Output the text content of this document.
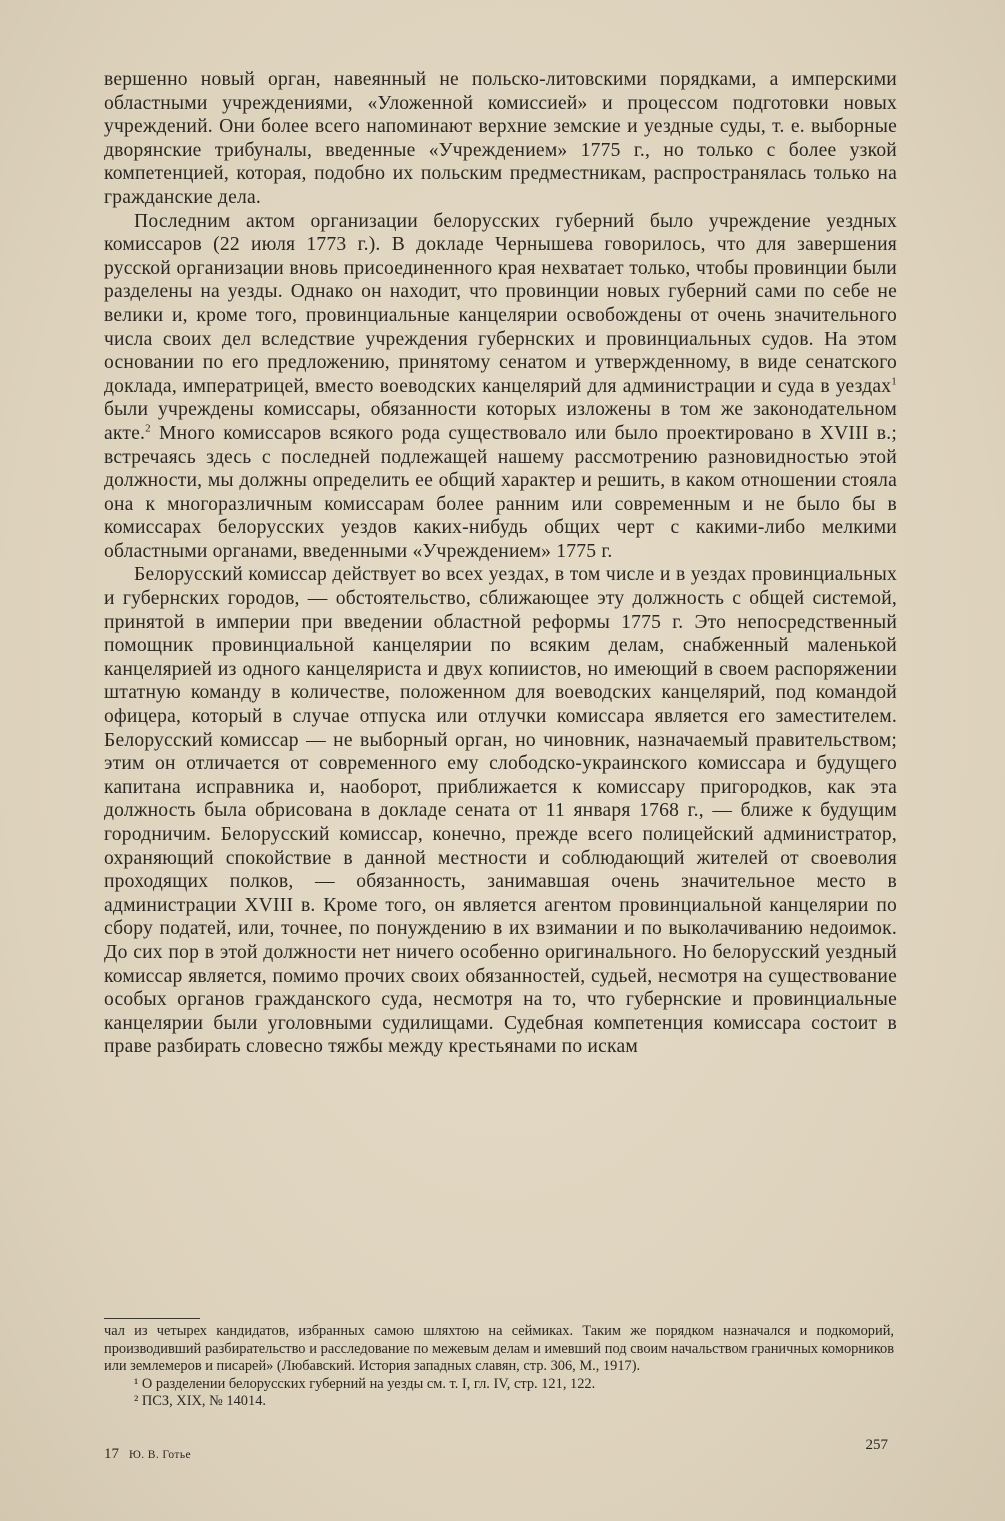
вершенно новый орган, навеянный не польско-литовскими порядками, а имперскими областными учреждениями, «Уложенной комиссией» и процессом подготовки новых учреждений. Они более всего напоминают верхние земские и уездные суды, т. е. выборные дворянские трибуналы, введенные «Учреждением» 1775 г., но только с более узкой компетенцией, которая, подобно их польским предместникам, распространялась только на гражданские дела.

Последним актом организации белорусских губерний было учреждение уездных комиссаров (22 июля 1773 г.). В докладе Чернышева говорилось, что для завершения русской организации вновь присоединенного края нехватает только, чтобы провинции были разделены на уезды. Однако он находит, что провинции новых губерний сами по себе не велики и, кроме того, провинциальные канцелярии освобождены от очень значительного числа своих дел вследствие учреждения губернских и провинциальных судов. На этом основании по его предложению, принятому сенатом и утвержденному, в виде сенатского доклада, императрицей, вместо воеводских канцелярий для администрации и суда в уездах$^1$ были учреждены комиссары, обязанности которых изложены в том же законодательном акте.$^2$ Много комиссаров всякого рода существовало или было проектировано в XVIII в.; встречаясь здесь с последней подлежащей нашему рассмотрению разновидностью этой должности, мы должны определить ее общий характер и решить, в каком отношении стояла она к многоразличным комиссарам более ранним или современным и не было бы в комиссарах белорусских уездов каких-нибудь общих черт с какими-либо мелкими областными органами, введенными «Учреждением» 1775 г.

Белорусский комиссар действует во всех уездах, в том числе и в уездах провинциальных и губернских городов, — обстоятельство, сближающее эту должность с общей системой, принятой в империи при введении областной реформы 1775 г. Это непосредственный помощник провинциальной канцелярии по всяким делам, снабженный маленькой канцелярией из одного канцеляриста и двух копиистов, но имеющий в своем распоряжении штатную команду в количестве, положенном для воеводских канцелярий, под командой офицера, который в случае отпуска или отлучки комиссара является его заместителем. Белорусский комиссар — не выборный орган, но чиновник, назначаемый правительством; этим он отличается от современного ему слободско-украинского комиссара и будущего капитана исправника и, наоборот, приближается к комиссару пригородков, как эта должность была обрисована в докладе сената от 11 января 1768 г., — ближе к будущим городничим. Белорусский комиссар, конечно, прежде всего полицейский администратор, охраняющий спокойствие в данной местности и соблюдающий жителей от своеволия проходящих полков, — обязанность, занимавшая очень значительное место в администрации XVIII в. Кроме того, он является агентом провинциальной канцелярии по сбору податей, или, точнее, по понуждению в их взимании и по выколачиванию недоимок. До сих пор в этой должности нет ничего особенно оригинального. Но белорусский уездный комиссар является, помимо прочих своих обязанностей, судьей, несмотря на существование особых органов гражданского суда, несмотря на то, что губернские и провинциальные канцелярии были уголовными судилищами. Судебная компетенция комиссара состоит в праве разбирать словесно тяжбы между крестьянами по искам

чал из четырех кандидатов, избранных самою шляхтою на сеймиках. Таким же порядком назначался и подкоморий, производивший разбирательство и расследование по межевым делам и имевший под своим начальством граничных коморников или землемеров и писарей» (Любавский. История западных славян, стр. 306, М., 1917).

¹ О разделении белорусских губерний на уезды см. т. I, гл. IV, стр. 121, 122.

² ПСЗ, XIX, № 14014.

17 Ю. В. Готье
257
